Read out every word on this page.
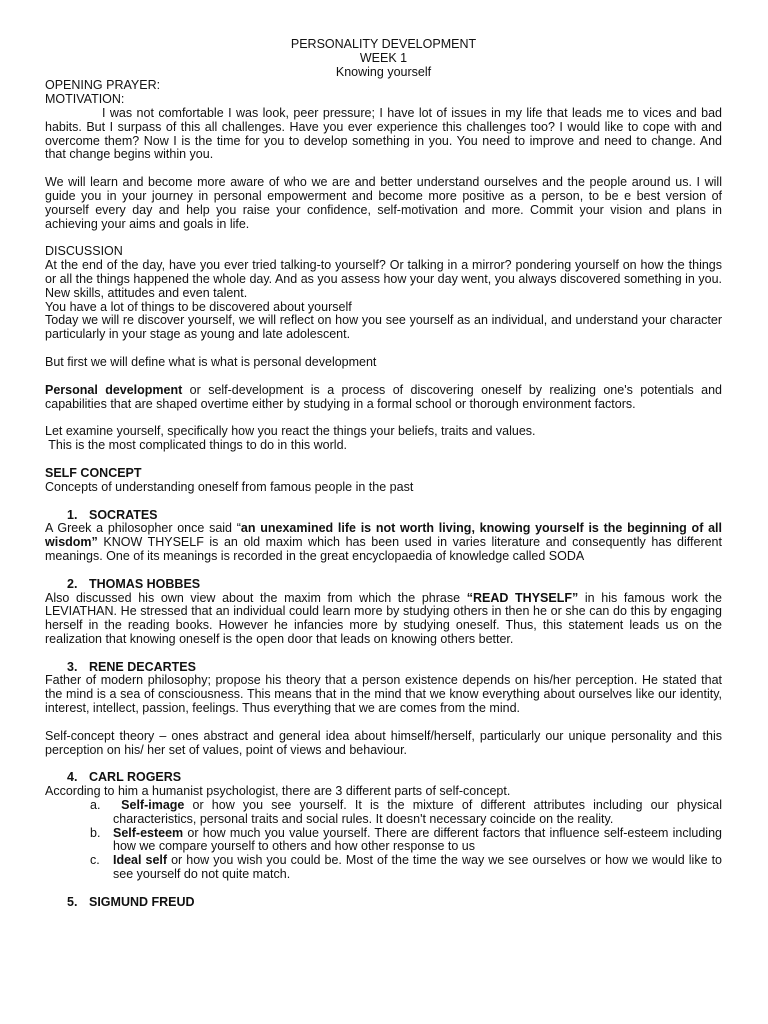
PERSONALITY DEVELOPMENT

WEEK 1

Knowing yourself

OPENING PRAYER:

MOTIVATION:

I was not comfortable I was look, peer pressure; I have lot of issues in my life that leads me to vices and bad habits. But I surpass of this all challenges. Have you ever experience this challenges too? I would like to cope with and overcome them? Now I is the time for you to develop something in you. You need to improve and need to change. And that change begins within you.

We will learn and become more aware of who we are and better understand ourselves and the people around us. I will guide you in your journey in personal empowerment and become more positive as a person, to be e best version of yourself every day and help you raise your confidence, self-motivation and more. Commit your vision and plans in achieving your aims and goals in life.

DISCUSSION

At the end of the day, have you ever tried talking-to yourself? Or talking in a mirror? pondering yourself on how the things or all the things happened the whole day. And as you assess how your day went, you always discovered something in you. New skills, attitudes and even talent.

You have a lot of things to be discovered about yourself

Today we will re discover yourself, we will reflect on how you see yourself as an individual, and understand your character particularly in your stage as young and late adolescent.

But first we will define what is what is personal development

Personal development or self-development is a process of discovering oneself by realizing one's potentials and capabilities that are shaped overtime either by studying in a formal school or thorough environment factors.

Let examine yourself, specifically how you react the things your beliefs, traits and values.

This is the most complicated things to do in this world.

SELF CONCEPT

Concepts of understanding oneself from famous people in the past

1. SOCRATES

A Greek a philosopher once said “an unexamined life is not worth living, knowing yourself is the beginning of all wisdom” KNOW THYSELF is an old maxim which has been used in varies literature and consequently has different meanings. One of its meanings is recorded in the great encyclopaedia of knowledge called SODA

2. THOMAS HOBBES

Also discussed his own view about the maxim from which the phrase “READ THYSELF” in his famous work the LEVIATHAN. He stressed that an individual could learn more by studying others in then he or she can do this by engaging herself in the reading books. However he infancies more by studying oneself. Thus, this statement leads us on the realization that knowing oneself is the open door that leads on knowing others better.

3. RENE DECARTES

Father of modern philosophy; propose his theory that a person existence depends on his/her perception. He stated that the mind is a sea of consciousness. This means that in the mind that we know everything about ourselves like our identity, interest, intellect, passion, feelings. Thus everything that we are comes from the mind.

Self-concept theory – ones abstract and general idea about himself/herself, particularly our unique personality and this perception on his/ her set of values, point of views and behaviour.

4. CARL ROGERS

According to him a humanist psychologist, there are 3 different parts of self-concept.

a. Self-image or how you see yourself. It is the mixture of different attributes including our physical characteristics, personal traits and social rules. It doesn't necessary coincide on the reality.

b. Self-esteem or how much you value yourself. There are different factors that influence self-esteem including how we compare yourself to others and how other response to us

c. Ideal self or how you wish you could be. Most of the time the way we see ourselves or how we would like to see yourself do not quite match.

5. SIGMUND FREUD
